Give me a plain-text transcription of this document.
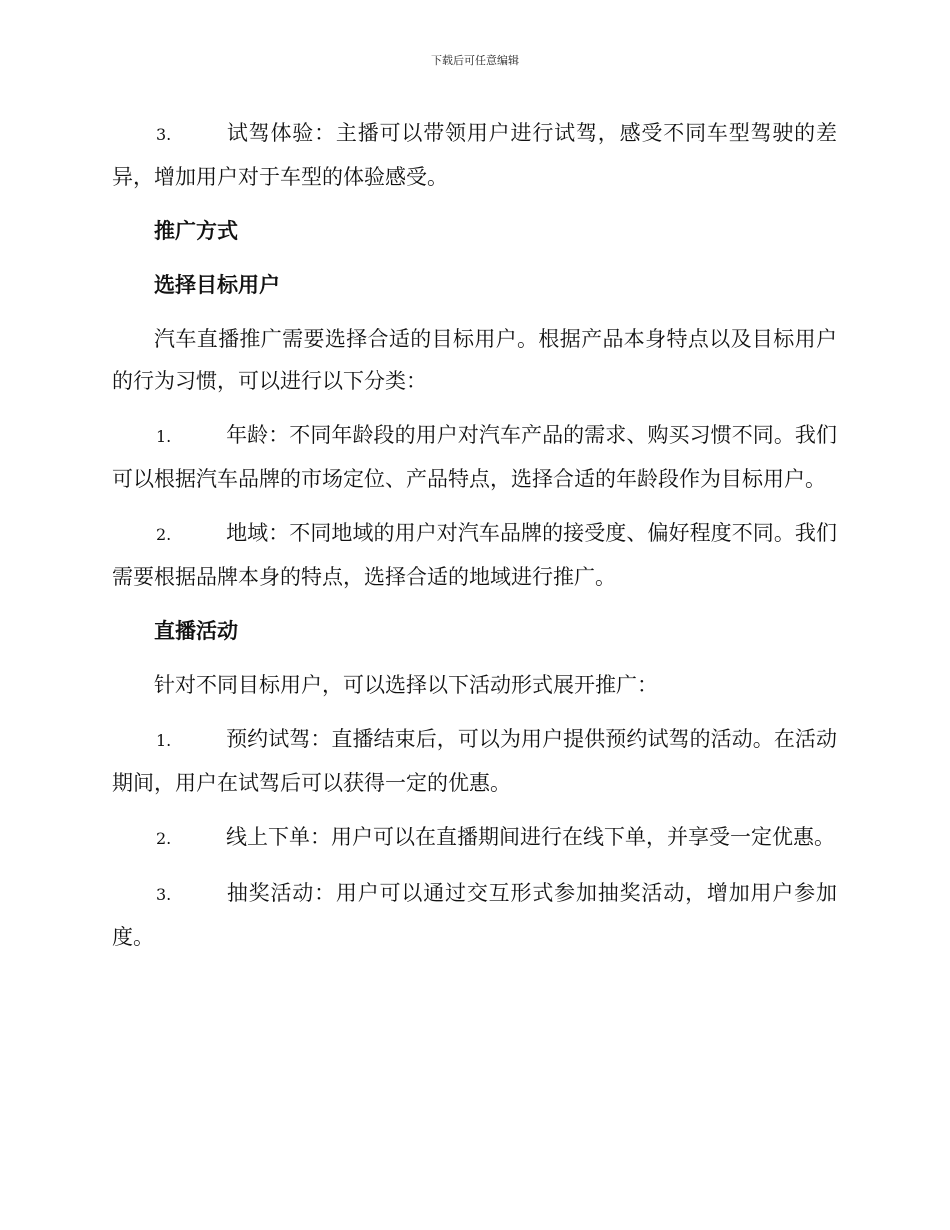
下载后可任意编辑

3.	试驾体验：主播可以带领用户进行试驾，感受不同车型驾驶的差异，增加用户对于车型的体验感受。

推广方式
选择目标用户

汽车直播推广需要选择合适的目标用户。根据产品本身特点以及目标用户的行为习惯，可以进行以下分类：

1.	年龄：不同年龄段的用户对汽车产品的需求、购买习惯不同。我们可以根据汽车品牌的市场定位、产品特点，选择合适的年龄段作为目标用户。

2.	地域：不同地域的用户对汽车品牌的接受度、偏好程度不同。我们需要根据品牌本身的特点，选择合适的地域进行推广。

直播活动

针对不同目标用户，可以选择以下活动形式展开推广：

1.	预约试驾：直播结束后，可以为用户提供预约试驾的活动。在活动期间，用户在试驾后可以获得一定的优惠。

2.	线上下单：用户可以在直播期间进行在线下单，并享受一定优惠。

3.	抽奖活动：用户可以通过交互形式参加抽奖活动，增加用户参加度。
